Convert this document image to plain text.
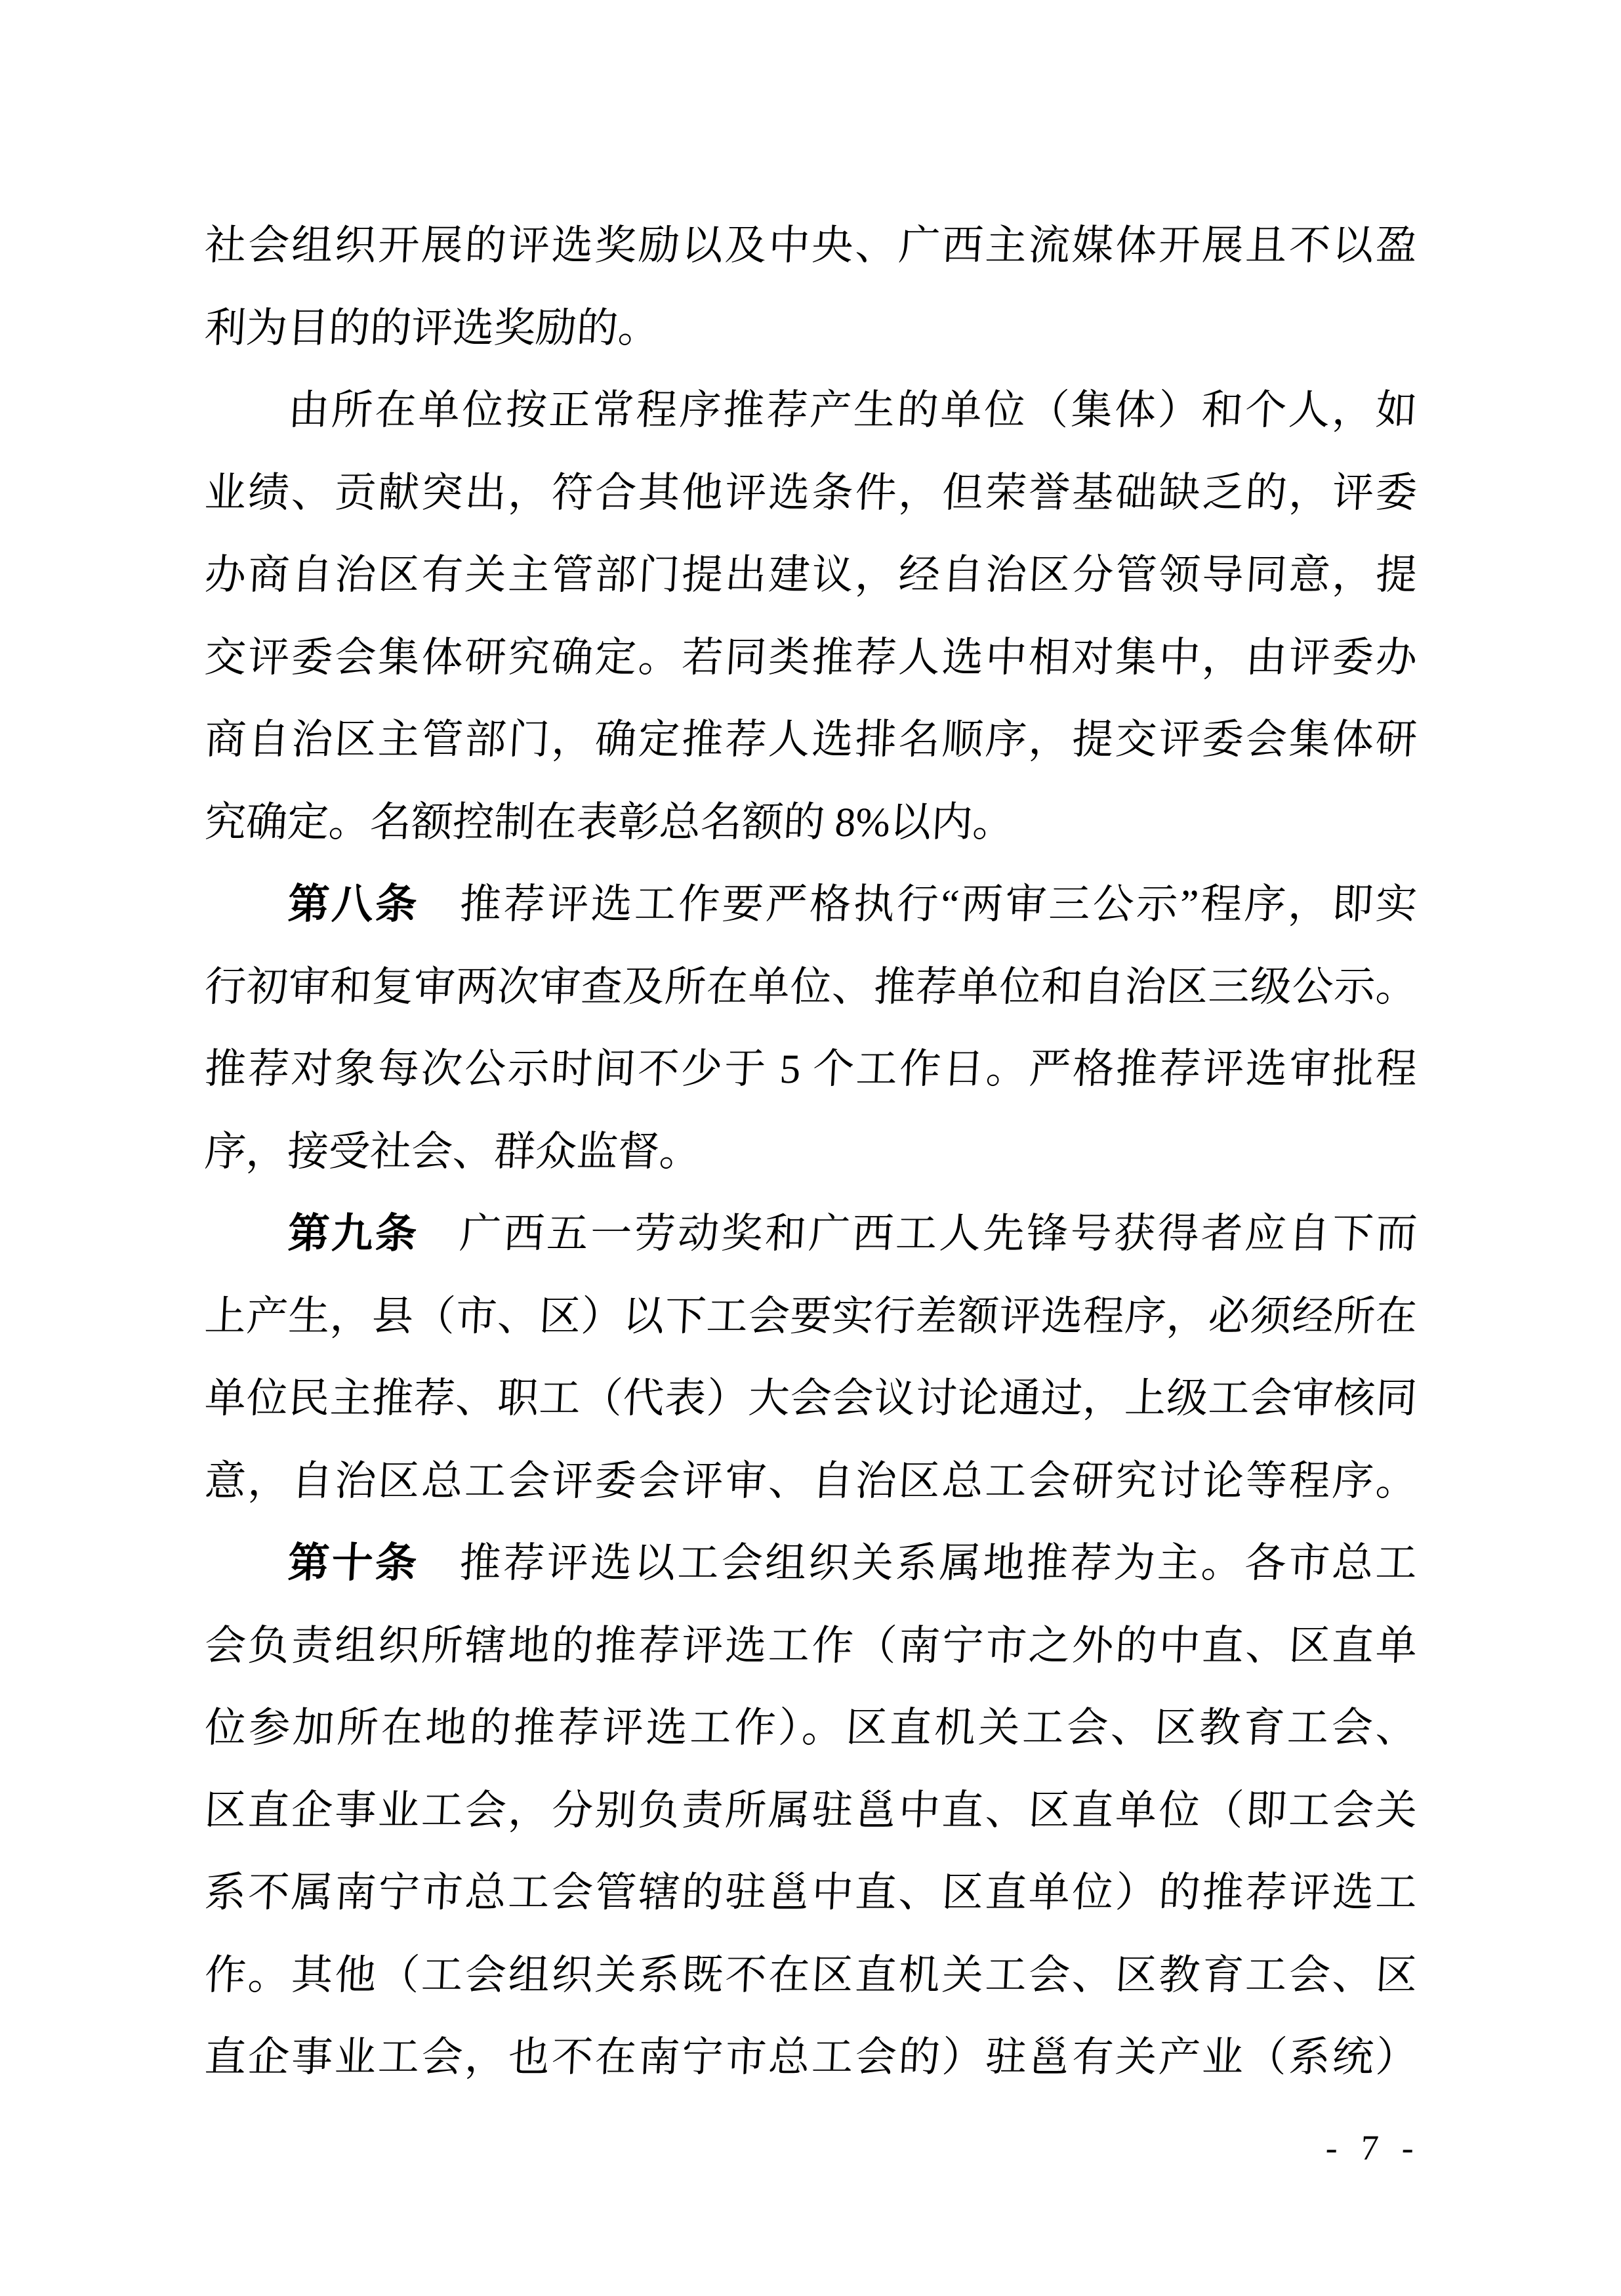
社会组织开展的评选奖励以及中央、广西主流媒体开展且不以盈
利为目的的评选奖励的。
由所在单位按正常程序推荐产生的单位（集体）和个人，如
业绩、贡献突出，符合其他评选条件，但荣誉基础缺乏的，评委
办商自治区有关主管部门提出建议，经自治区分管领导同意，提
交评委会集体研究确定。若同类推荐人选中相对集中，由评委办
商自治区主管部门，确定推荐人选排名顺序，提交评委会集体研
究确定。名额控制在表彰总名额的 8%以内。
第八条 推荐评选工作要严格执行“两审三公示”程序，即实
行初审和复审两次审查及所在单位、推荐单位和自治区三级公示。
推荐对象每次公示时间不少于 5 个工作日。严格推荐评选审批程
序，接受社会、群众监督。
第九条 广西五一劳动奖和广西工人先锋号获得者应自下而
上产生，县（市、区）以下工会要实行差额评选程序，必须经所在
单位民主推荐、职工（代表）大会会议讨论通过，上级工会审核同
意，自治区总工会评委会评审、自治区总工会研究讨论等程序。
第十条 推荐评选以工会组织关系属地推荐为主。各市总工
会负责组织所辖地的推荐评选工作（南宁市之外的中直、区直单
位参加所在地的推荐评选工作）。区直机关工会、区教育工会、
区直企事业工会，分别负责所属驻邕中直、区直单位（即工会关
系不属南宁市总工会管辖的驻邕中直、区直单位）的推荐评选工
作。其他（工会组织关系既不在区直机关工会、区教育工会、区
直企事业工会，也不在南宁市总工会的）驻邕有关产业（系统）
- 7 -
